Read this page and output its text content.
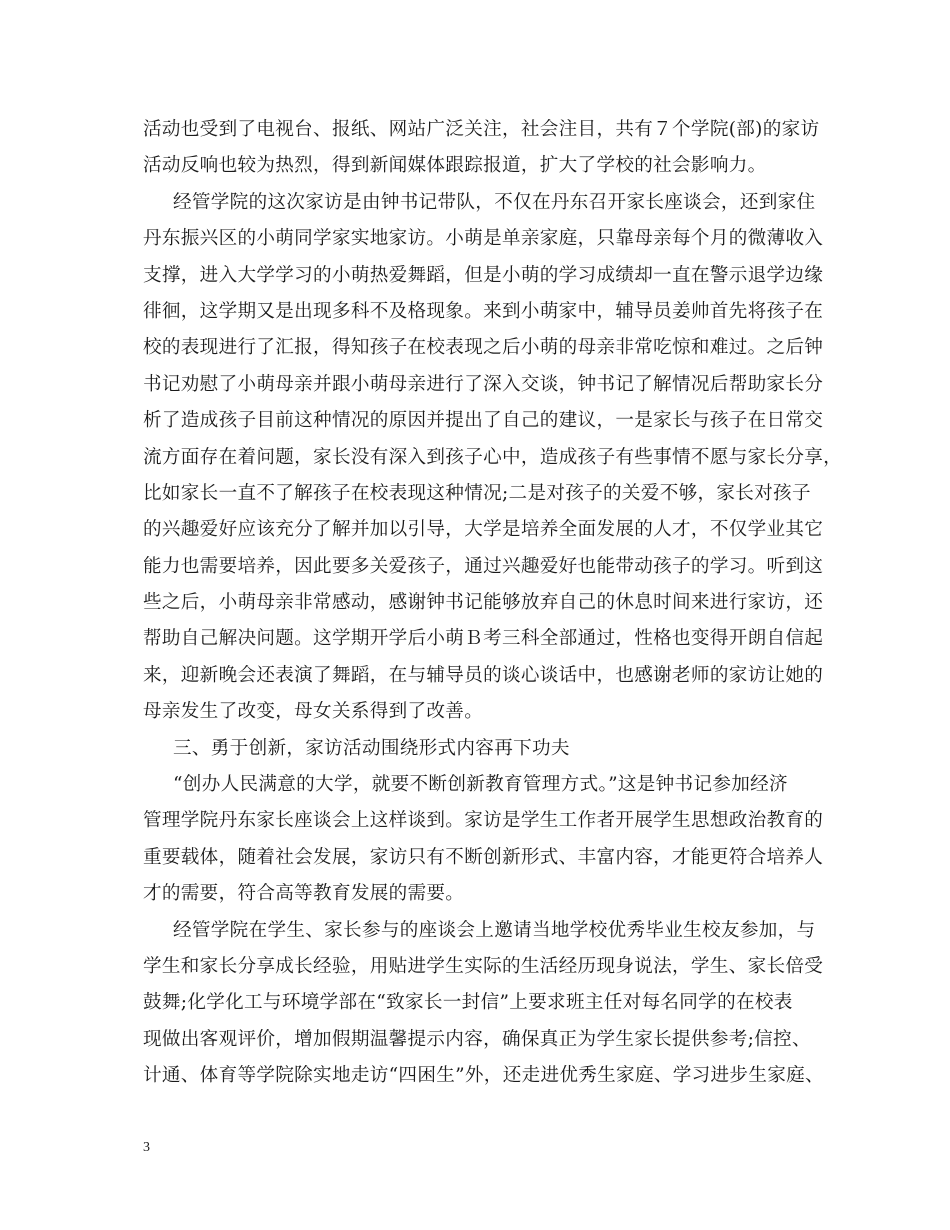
活动也受到了电视台、报纸、网站广泛关注，社会注目，共有７个学院(部)的家访
活动反响也较为热烈，得到新闻媒体跟踪报道，扩大了学校的社会影响力。
经管学院的这次家访是由钟书记带队，不仅在丹东召开家长座谈会，还到家住
丹东振兴区的小萌同学家实地家访。小萌是单亲家庭，只靠母亲每个月的微薄收入
支撑，进入大学学习的小萌热爱舞蹈，但是小萌的学习成绩却一直在警示退学边缘
徘徊，这学期又是出现多科不及格现象。来到小萌家中，辅导员姜帅首先将孩子在
校的表现进行了汇报，得知孩子在校表现之后小萌的母亲非常吃惊和难过。之后钟
书记劝慰了小萌母亲并跟小萌母亲进行了深入交谈，钟书记了解情况后帮助家长分
析了造成孩子目前这种情况的原因并提出了自己的建议，一是家长与孩子在日常交
流方面存在着问题，家长没有深入到孩子心中，造成孩子有些事情不愿与家长分享，
比如家长一直不了解孩子在校表现这种情况;二是对孩子的关爱不够，家长对孩子
的兴趣爱好应该充分了解并加以引导，大学是培养全面发展的人才，不仅学业其它
能力也需要培养，因此要多关爱孩子，通过兴趣爱好也能带动孩子的学习。听到这
些之后，小萌母亲非常感动，感谢钟书记能够放弃自己的休息时间来进行家访，还
帮助自己解决问题。这学期开学后小萌Ｂ考三科全部通过，性格也变得开朗自信起
来，迎新晚会还表演了舞蹈，在与辅导员的谈心谈话中，也感谢老师的家访让她的
母亲发生了改变，母女关系得到了改善。
三、勇于创新，家访活动围绕形式内容再下功夫
“创办人民满意的大学，就要不断创新教育管理方式。”这是钟书记参加经济
管理学院丹东家长座谈会上这样谈到。家访是学生工作者开展学生思想政治教育的
重要载体，随着社会发展，家访只有不断创新形式、丰富内容，才能更符合培养人
才的需要，符合高等教育发展的需要。
经管学院在学生、家长参与的座谈会上邀请当地学校优秀毕业生校友参加，与
学生和家长分享成长经验，用贴进学生实际的生活经历现身说法，学生、家长倍受
鼓舞;化学化工与环境学部在“致家长一封信”上要求班主任对每名同学的在校表
现做出客观评价，增加假期温馨提示内容，确保真正为学生家长提供参考;信控、
计通、体育等学院除实地走访“四困生”外，还走进优秀生家庭、学习进步生家庭、
3
